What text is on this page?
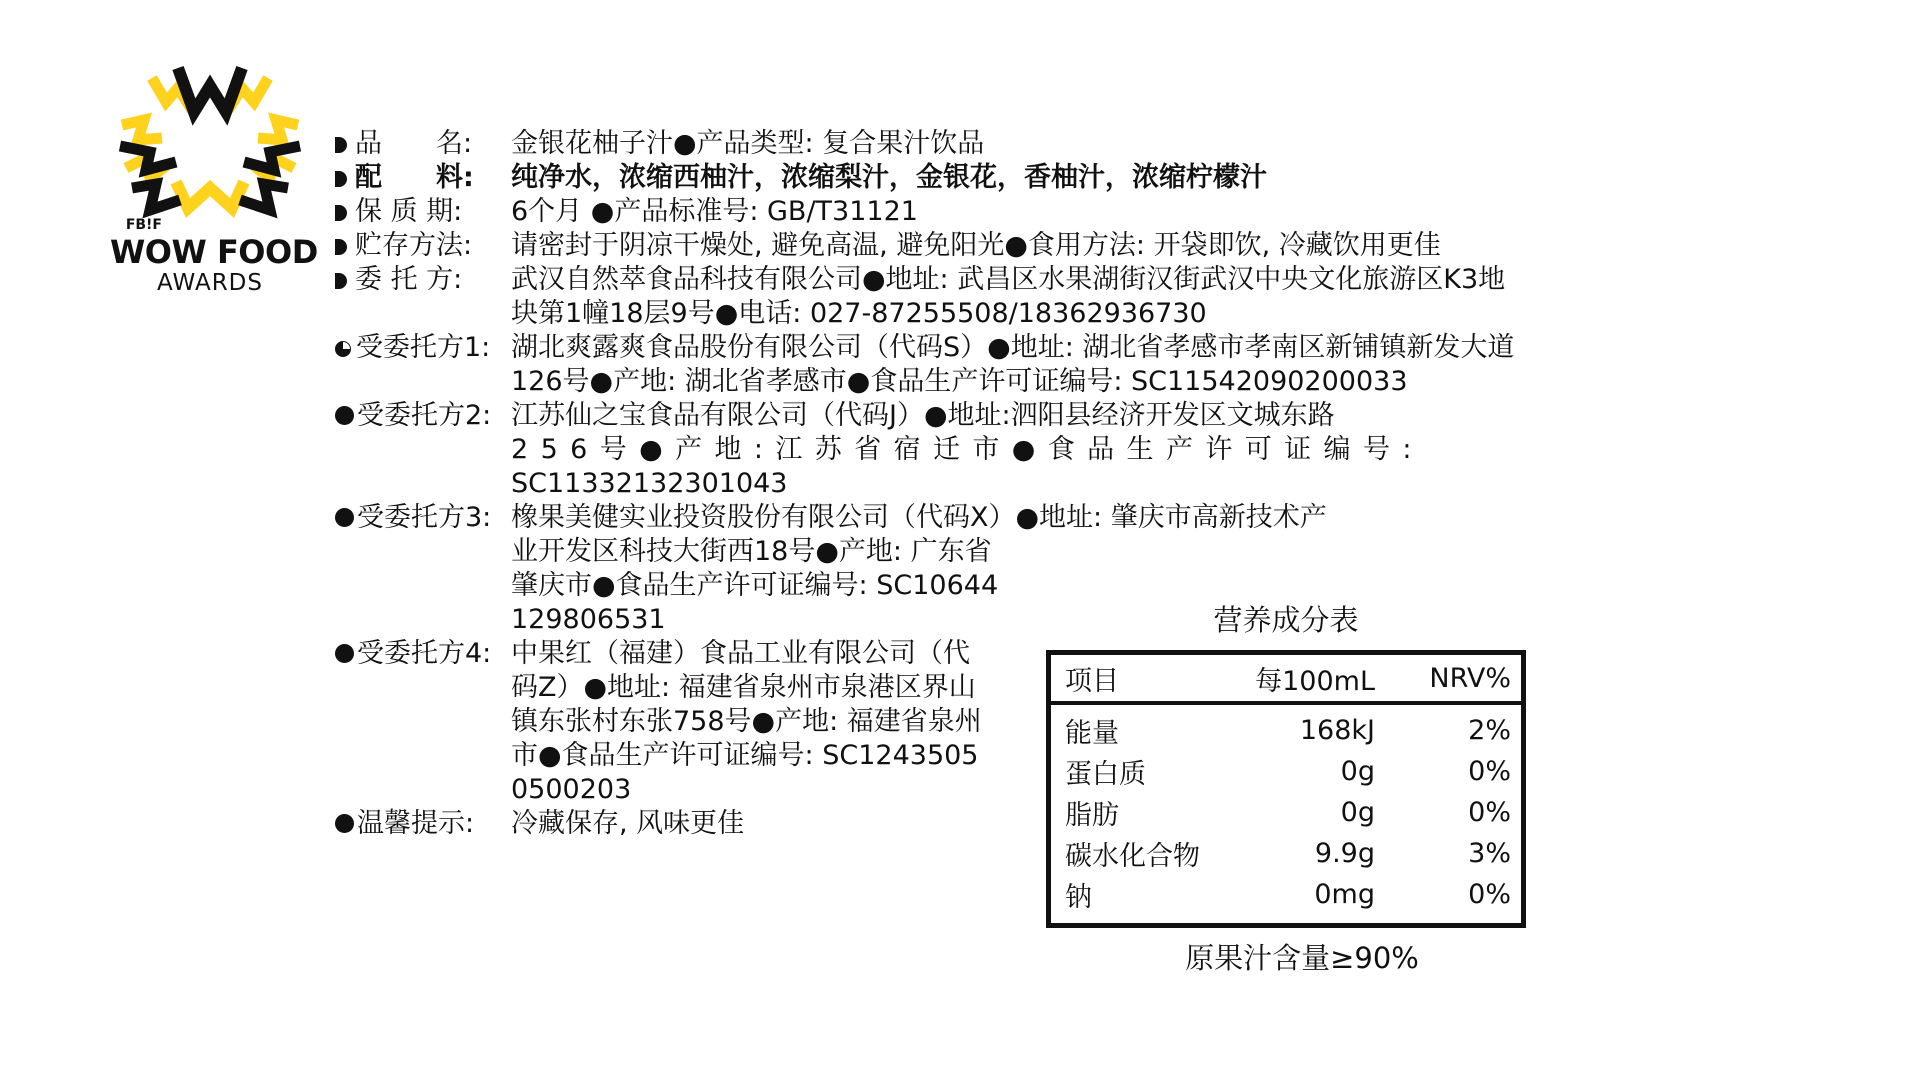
FB!F
WOW FOOD
AWARDS
品　　名: 金银花柚子汁●产品类型: 复合果汁饮品
配　　料: 纯净水，浓缩西柚汁，浓缩梨汁，金银花，香柚汁，浓缩柠檬汁
保 质 期: 6个月 ●产品标准号: GB/T31121
贮存方法: 请密封于阴凉干燥处, 避免高温, 避免阳光●食用方法: 开袋即饮, 冷藏饮用更佳
委 托 方: 武汉自然萃食品科技有限公司●地址: 武昌区水果湖街汉街武汉中央文化旅游区K3地块第1幢18层9号●电话: 027-87255508/18362936730
受委托方1: 湖北爽露爽食品股份有限公司（代码S）●地址: 湖北省孝感市孝南区新铺镇新发大道126号●产地: 湖北省孝感市●食品生产许可证编号: SC11542090200033
受委托方2: 江苏仙之宝食品有限公司（代码J）●地址:泗阳县经济开发区文城东路
256号●产地:江苏省宿迁市●食品生产许可证编号:
SC11332132301043
受委托方3: 橡果美健实业投资股份有限公司（代码X）●地址: 肇庆市高新技术产
业开发区科技大街西18号●产地: 广东省肇庆市●食品生产许可证编号: SC10644129806531
受委托方4: 中果红（福建）食品工业有限公司（代码Z）●地址: 福建省泉州市泉港区界山镇东张村东张758号●产地: 福建省泉州市●食品生产许可证编号: SC12435050500203
温馨提示: 冷藏保存, 风味更佳
营养成分表
项目	每100mL	NRV%
能量	168kJ	2%
蛋白质	0g	0%
脂肪	0g	0%
碳水化合物	9.9g	3%
钠	0mg	0%
原果汁含量≥90%
